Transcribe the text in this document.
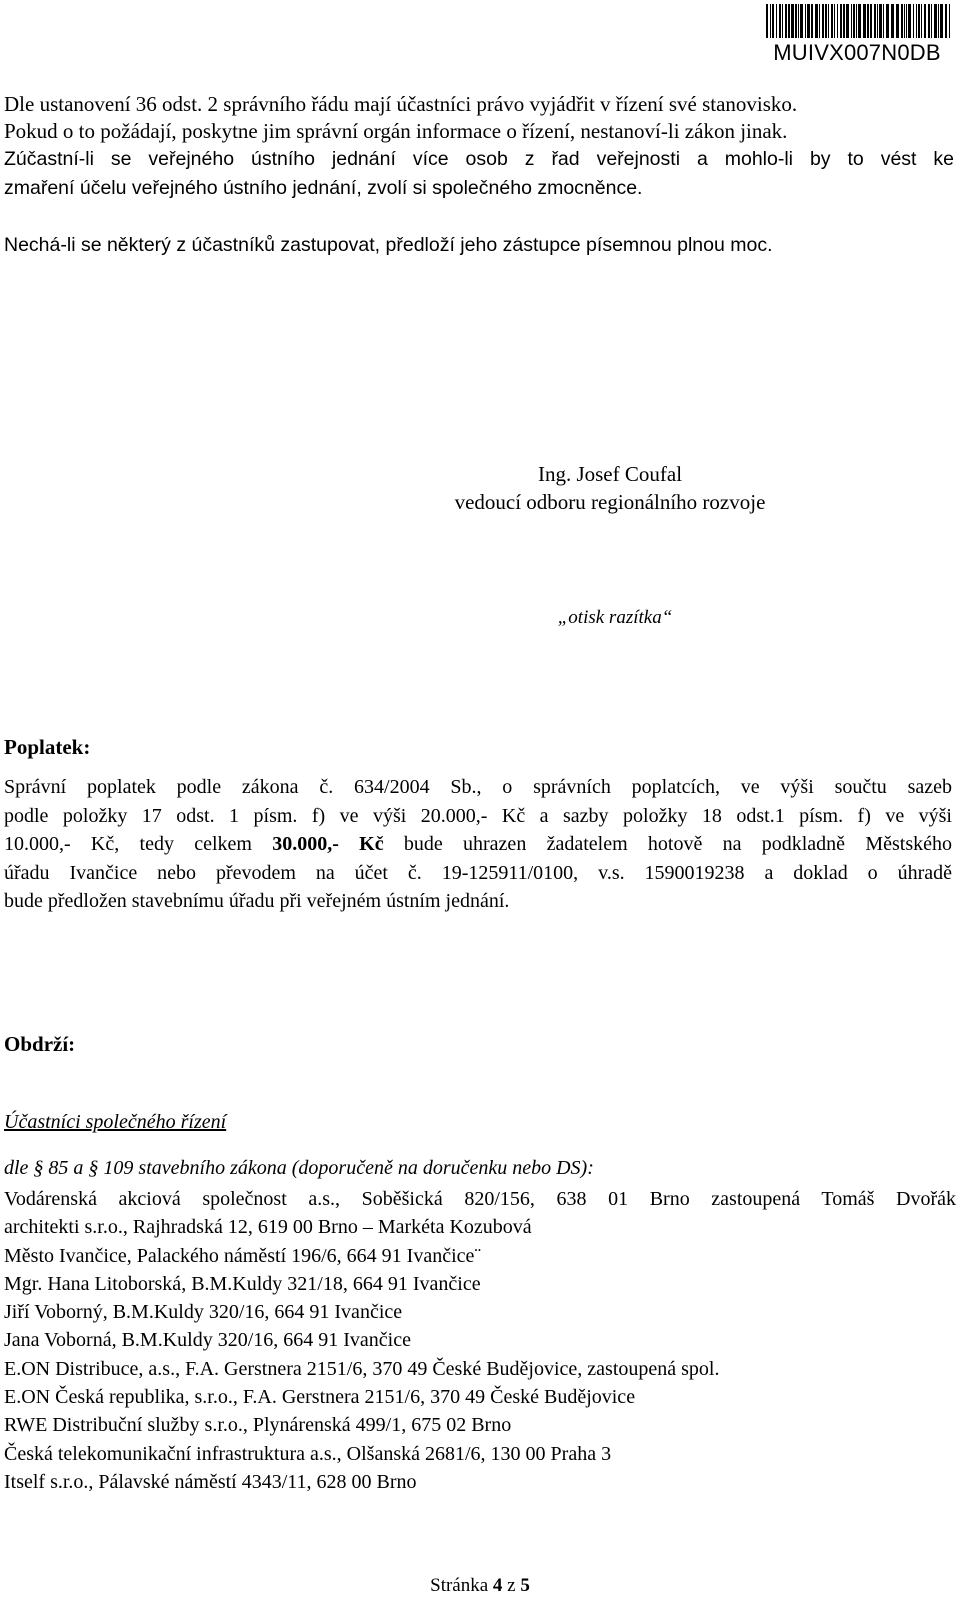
MUIVX007N0DB
Dle ustanovení 36 odst. 2 správního řádu mají účastníci právo vyjádřit v řízení své stanovisko.
Pokud o to požádají, poskytne jim správní orgán informace o řízení, nestanoví-li zákon jinak.
Zúčastní-li se veřejného ústního jednání více osob z řad veřejnosti a mohlo-li by to vést ke
zmaření účelu veřejného ústního jednání, zvolí si společného zmocněnce.
Nechá-li se některý z účastníků zastupovat, předloží jeho zástupce písemnou plnou moc.
Ing. Josef Coufal
vedoucí odboru regionálního rozvoje
„otisk razítka“
Poplatek:
Správní poplatek podle zákona č. 634/2004 Sb., o správních poplatcích, ve výši součtu sazeb
podle položky 17 odst. 1 písm. f) ve výši 20.000,- Kč a sazby položky 18 odst.1 písm. f) ve výši
10.000,- Kč, tedy celkem 30.000,- Kč bude uhrazen žadatelem hotově na podkladně Městského
úřadu Ivančice nebo převodem na účet č. 19-125911/0100, v.s. 1590019238 a doklad o úhradě
bude předložen stavebnímu úřadu při veřejném ústním jednání.
Obdrží:
Účastníci společného řízení
dle § 85 a § 109 stavebního zákona (doporučeně na doručenku nebo DS):
Vodárenská akciová společnost a.s., Soběšická 820/156, 638 01 Brno zastoupená Tomáš Dvořák
architekti s.r.o., Rajhradská 12, 619 00 Brno – Markéta Kozubová
Město Ivančice, Palackého náměstí 196/6, 664 91 Ivančice¨
Mgr. Hana Litoborská, B.M.Kuldy 321/18, 664 91 Ivančice
Jiří Voborný, B.M.Kuldy 320/16, 664 91 Ivančice
Jana Voborná, B.M.Kuldy 320/16, 664 91 Ivančice
E.ON Distribuce, a.s., F.A. Gerstnera 2151/6, 370 49 České Budějovice, zastoupená spol.
E.ON Česká republika, s.r.o., F.A. Gerstnera 2151/6, 370 49 České Budějovice
RWE Distribuční služby s.r.o., Plynárenská 499/1, 675 02 Brno
Česká telekomunikační infrastruktura a.s., Olšanská 2681/6, 130 00 Praha 3
Itself s.r.o., Pálavské náměstí 4343/11, 628 00 Brno
Stránka 4 z 5
